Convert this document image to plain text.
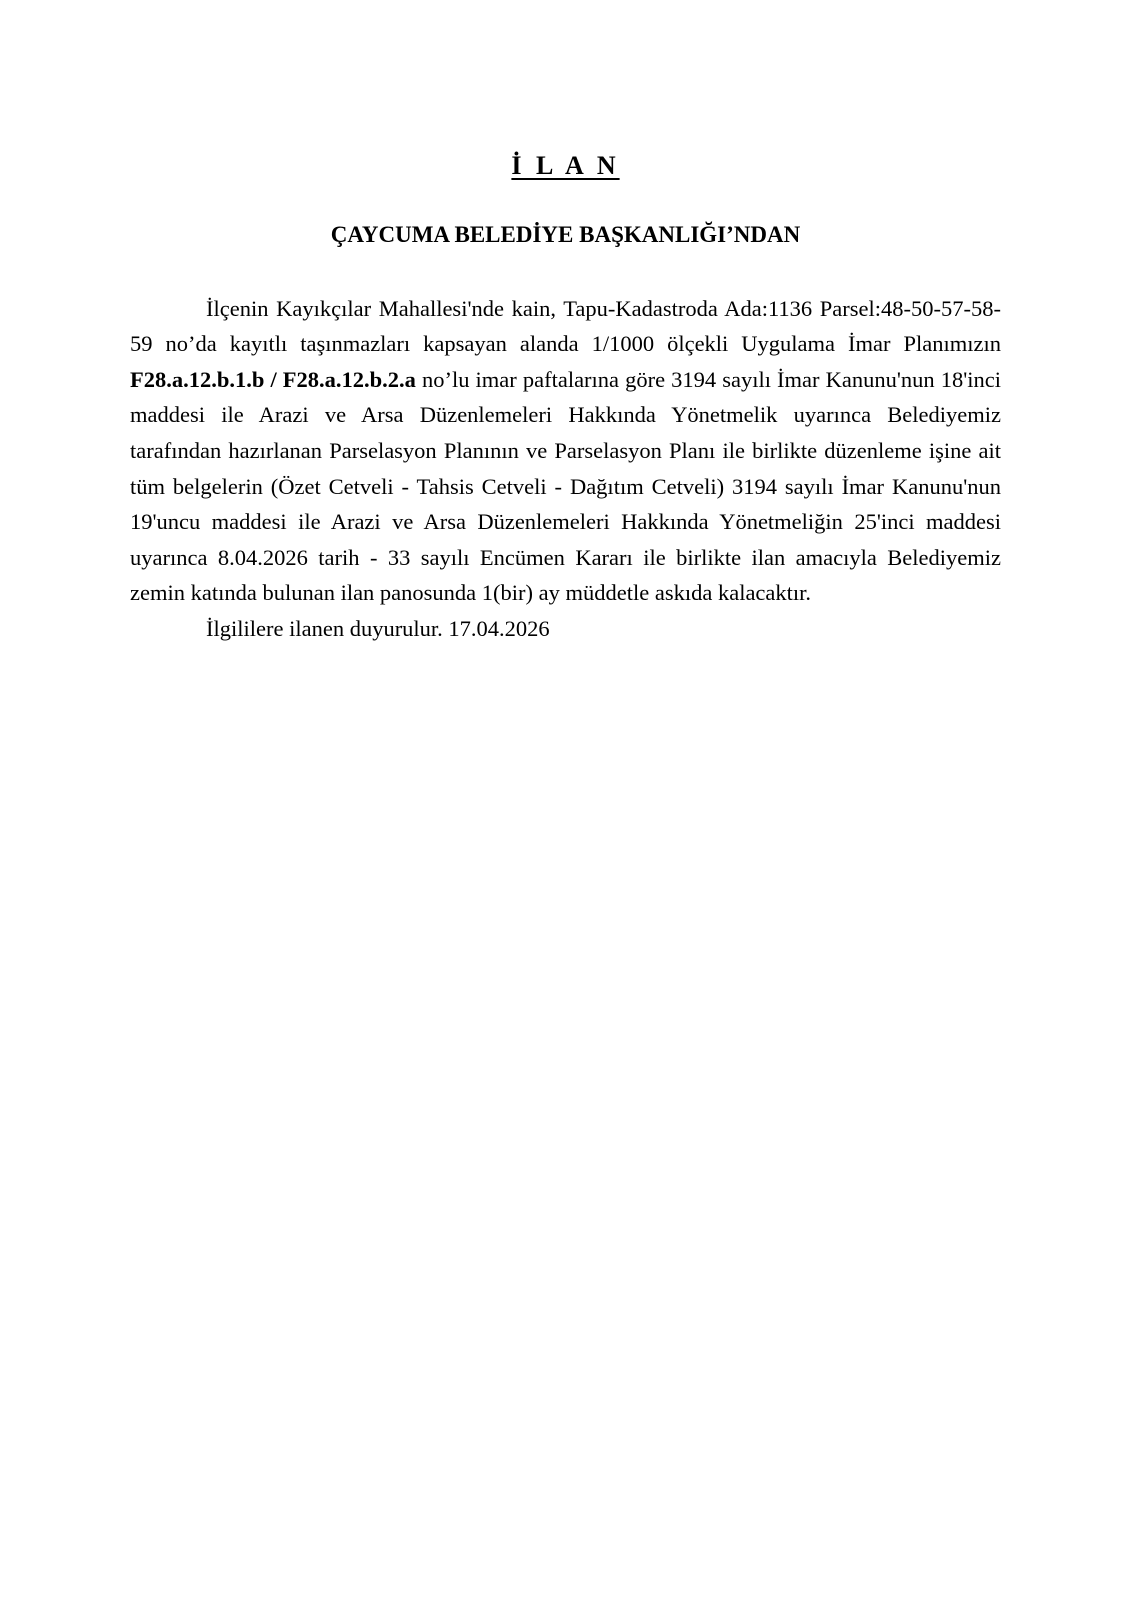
İ L A N
ÇAYCUMA BELEDİYE BAŞKANLIĞI’NDAN

İlçenin Kayıkçılar Mahallesi'nde kain, Tapu-Kadastroda Ada:1136 Parsel:48-50-57-58-59 no’da kayıtlı taşınmazları kapsayan alanda 1/1000 ölçekli Uygulama İmar Planımızın F28.a.12.b.1.b / F28.a.12.b.2.a no’lu imar paftalarına göre 3194 sayılı İmar Kanunu'nun 18'inci maddesi ile Arazi ve Arsa Düzenlemeleri Hakkında Yönetmelik uyarınca Belediyemiz tarafından hazırlanan Parselasyon Planının ve Parselasyon Planı ile birlikte düzenleme işine ait tüm belgelerin (Özet Cetveli - Tahsis Cetveli - Dağıtım Cetveli) 3194 sayılı İmar Kanunu'nun 19'uncu maddesi ile Arazi ve Arsa Düzenlemeleri Hakkında Yönetmeliğin 25'inci maddesi uyarınca 8.04.2026 tarih - 33 sayılı Encümen Kararı ile birlikte ilan amacıyla Belediyemiz zemin katında bulunan ilan panosunda 1(bir) ay müddetle askıda kalacaktır.

İlgililere ilanen duyurulur. 17.04.2026
